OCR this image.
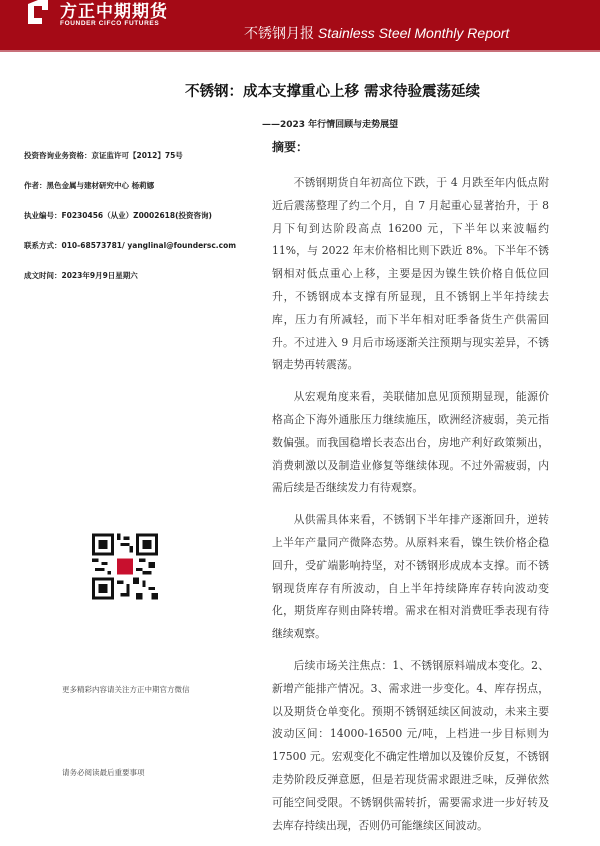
方正中期期货
FOUNDER CIFCO FUTURES
不锈钢月报 Stainless Steel Monthly Report
不锈钢：成本支撑重心上移 需求待验震荡延续
——2023 年行情回顾与走势展望
投资咨询业务资格：京证监许可【2012】75号
作者：黑色金属与建材研究中心 杨莉娜
执业编号：F0230456（从业）Z0002618(投资咨询)
联系方式：010-68573781/ yanglinal@foundersc.com
成文时间：2023年9月9日星期六
摘要：

不锈钢期货自年初高位下跌，于 4 月跌至年内低点附近后震荡整理了约二个月，自 7 月起重心显著抬升，于 8 月下旬到达阶段高点 16200 元，下半年以来波幅约 11%，与 2022 年末价格相比则下跌近 8%。下半年不锈钢相对低点重心上移，主要是因为镍生铁价格自低位回升，不锈钢成本支撑有所显现，且不锈钢上半年持续去库，压力有所减轻，而下半年相对旺季备货生产供需回升。不过进入 9 月后市场逐渐关注预期与现实差异，不锈钢走势再转震荡。

从宏观角度来看，美联储加息见顶预期显现，能源价格高企下海外通胀压力继续施压，欧洲经济疲弱，美元指数偏强。而我国稳增长表态出台，房地产利好政策频出，消费刺激以及制造业修复等继续体现。不过外需疲弱，内需后续是否继续发力有待观察。

从供需具体来看，不锈钢下半年排产逐渐回升，逆转上半年产量同产微降态势。从原料来看，镍生铁价格企稳回升，受矿端影响持坚，对不锈钢形成成本支撑。而不锈钢现货库存有所波动，自上半年持续降库存转向波动变化，期货库存则由降转增。需求在相对消费旺季表现有待继续观察。

后续市场关注焦点：1、不锈钢原料端成本变化。2、新增产能排产情况。3、需求进一步变化。4、库存拐点，以及期货仓单变化。预期不锈钢延续区间波动，未来主要波动区间：14000-16500 元/吨，上档进一步目标则为 17500 元。宏观变化不确定性增加以及镍价反复，不锈钢走势阶段反弹意愿，但是若现货需求跟进乏味，反弹依然可能空间受限。不锈钢供需转折，需要需求进一步好转及去库存持续出现，否则仍可能继续区间波动。

更多精彩内容请关注方正中期官方微信
请务必阅读最后重要事项
